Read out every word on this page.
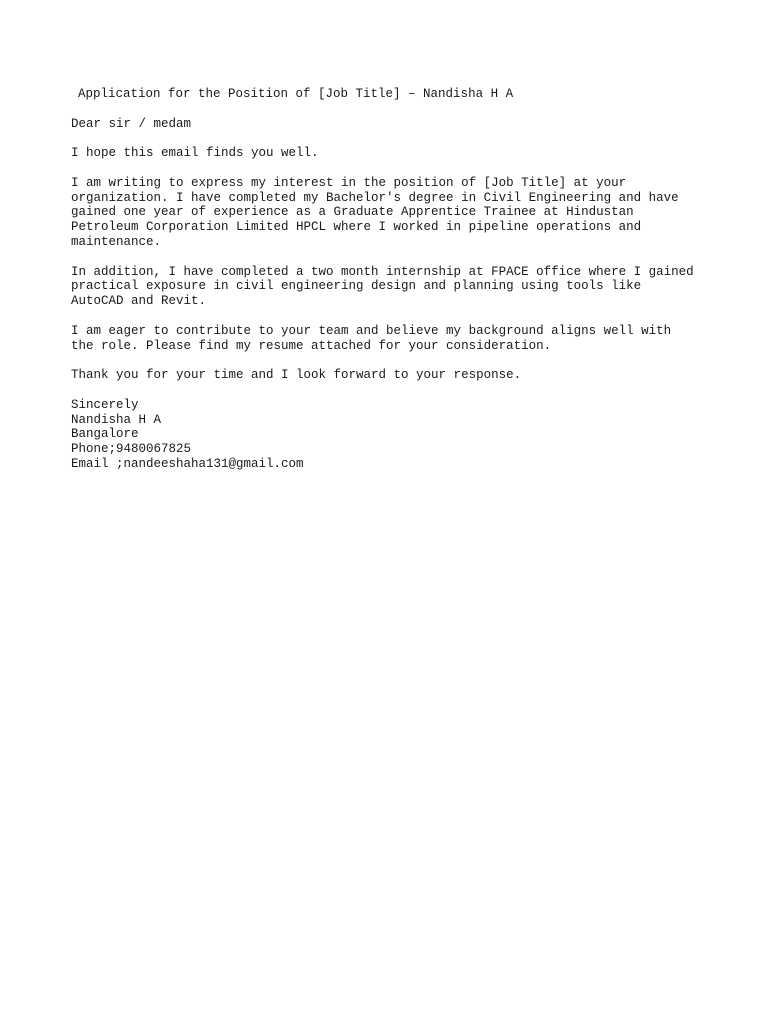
Application for the Position of [Job Title] – Nandisha H A
Dear sir / medam
I hope this email finds you well.
I am writing to express my interest in the position of [Job Title] at your
organization. I have completed my Bachelor's degree in Civil Engineering and have
gained one year of experience as a Graduate Apprentice Trainee at Hindustan
Petroleum Corporation Limited HPCL where I worked in pipeline operations and
maintenance.
In addition, I have completed a two month internship at FPACE office where I gained
practical exposure in civil engineering design and planning using tools like
AutoCAD and Revit.
I am eager to contribute to your team and believe my background aligns well with
the role. Please find my resume attached for your consideration.
Thank you for your time and I look forward to your response.
Sincerely
Nandisha H A
Bangalore
Phone;9480067825
Email ;nandeeshaha131@gmail.com
